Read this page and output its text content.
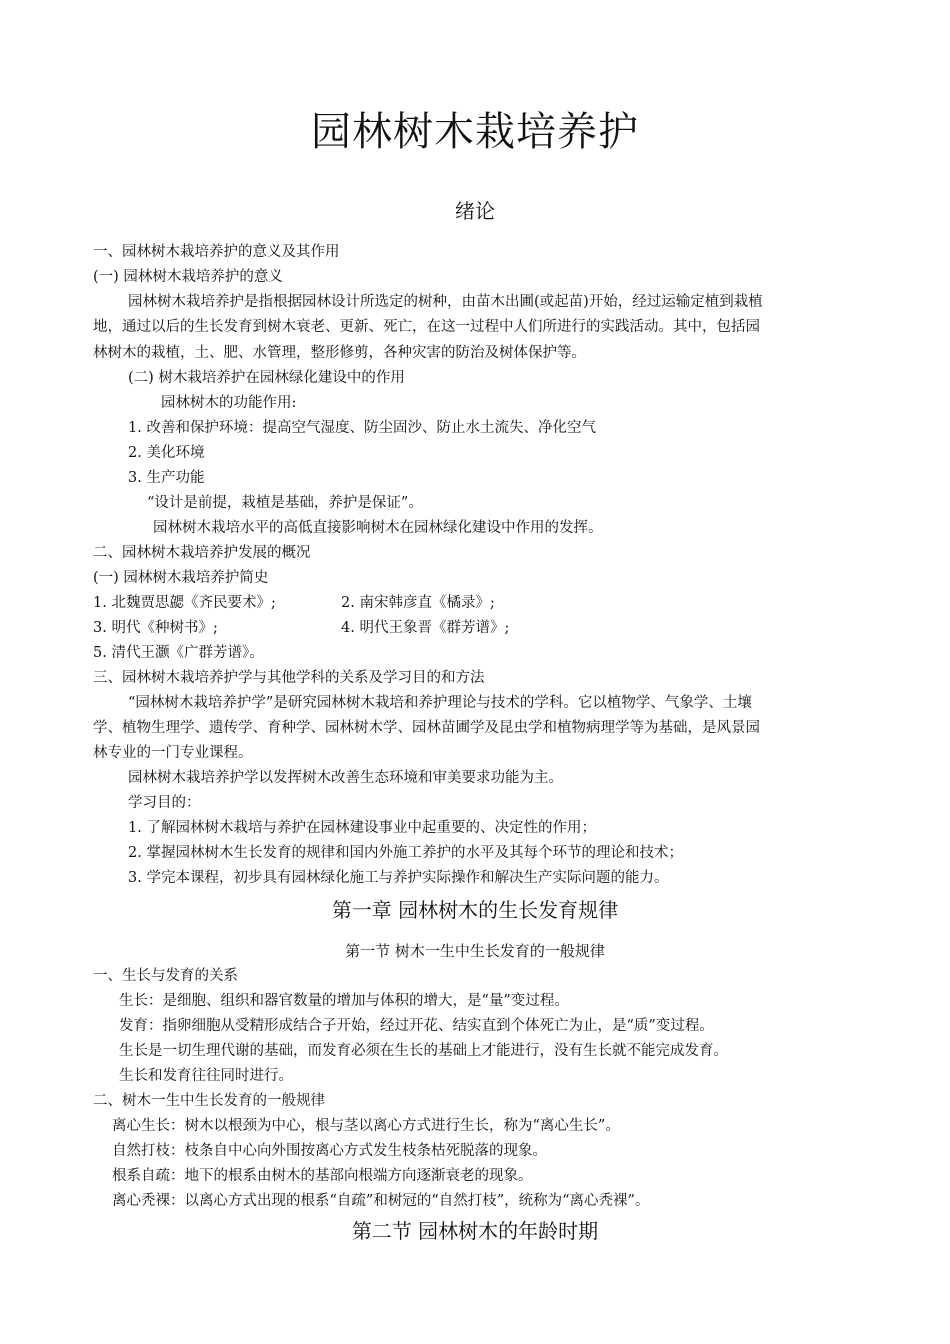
园林树木栽培养护
绪论
一、园林树木栽培养护的意义及其作用
(一) 园林树木栽培养护的意义
园林树木栽培养护是指根据园林设计所选定的树种，由苗木出圃(或起苗)开始，经过运输定植到栽植
地，通过以后的生长发育到树木衰老、更新、死亡，在这一过程中人们所进行的实践活动。其中，包括园
林树木的栽植，土、肥、水管理，整形修剪，各种灾害的防治及树体保护等。
(二) 树木栽培养护在园林绿化建设中的作用
园林树木的功能作用:
1. 改善和保护环境：提高空气湿度、防尘固沙、防止水土流失、净化空气
2. 美化环境
3. 生产功能
“设计是前提，栽植是基础，养护是保证”。
园林树木栽培水平的高低直接影响树木在园林绿化建设中作用的发挥。
二、园林树木栽培养护发展的概况
(一) 园林树木栽培养护简史
1. 北魏贾思勰《齐民要术》;	2. 南宋韩彦直《橘录》;
3. 明代《种树书》;	4. 明代王象晋《群芳谱》;
5. 清代王灏《广群芳谱》。
三、园林树木栽培养护学与其他学科的关系及学习目的和方法
“园林树木栽培养护学”是研究园林树木栽培和养护理论与技术的学科。它以植物学、气象学、土壤
学、植物生理学、遗传学、育种学、园林树木学、园林苗圃学及昆虫学和植物病理学等为基础，是风景园
林专业的一门专业课程。
园林树木栽培养护学以发挥树木改善生态环境和审美要求功能为主。
学习目的：
1. 了解园林树木栽培与养护在园林建设事业中起重要的、决定性的作用；
2. 掌握园林树木生长发育的规律和国内外施工养护的水平及其每个环节的理论和技术；
3. 学完本课程，初步具有园林绿化施工与养护实际操作和解决生产实际问题的能力。
第一章 园林树木的生长发育规律
第一节 树木一生中生长发育的一般规律
一、生长与发育的关系
生长：是细胞、组织和器官数量的增加与体积的增大，是“量”变过程。
发育：指卵细胞从受精形成结合子开始，经过开花、结实直到个体死亡为止，是“质”变过程。
生长是一切生理代谢的基础，而发育必须在生长的基础上才能进行，没有生长就不能完成发育。
生长和发育往往同时进行。
二、树木一生中生长发育的一般规律
离心生长：树木以根颈为中心，根与茎以离心方式进行生长，称为“离心生长”。
自然打枝：枝条自中心向外围按离心方式发生枝条枯死脱落的现象。
根系自疏：地下的根系由树木的基部向根端方向逐渐衰老的现象。
离心秃裸：以离心方式出现的根系“自疏”和树冠的“自然打枝”，统称为“离心秃裸”。
第二节 园林树木的年龄时期
